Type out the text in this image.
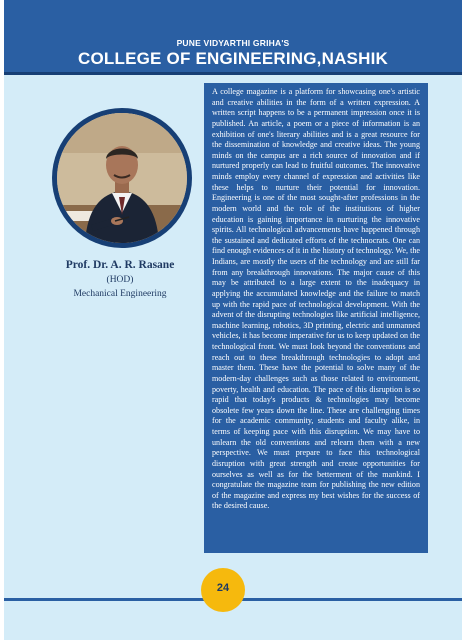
PUNE VIDYARTHI GRIHA'S
COLLEGE OF ENGINEERING,NASHIK
Prof. Dr. A. R. Rasane
(HOD)
Mechanical Engineering

A college magazine is a platform for showcasing one's artistic and creative abilities in the form of a written expression. A written script happens to be a permanent impression once it is published. An article, a poem or a piece of information is an exhibition of one's literary abilities and is a great resource for the dissemination of knowledge and creative ideas. The young minds on the campus are a rich source of innovation and if nurtured properly can lead to fruitful outcomes. The innovative minds employ every channel of expression and activities like these helps to nurture their potential for innovation. Engineering is one of the most sought-after professions in the modern world and the role of the institutions of higher education is gaining importance in nurturing the innovative spirits. All technological advancements have happened through the sustained and dedicated efforts of the technocrats. One can find enough evidences of it in the history of technology. We, the Indians, are mostly the users of the technology and are still far from any breakthrough innovations. The major cause of this may be attributed to a large extent to the inadequacy in applying the accumulated knowledge and the failure to match up with the rapid pace of technological development. With the advent of the disrupting technologies like artificial intelligence, machine learning, robotics, 3D printing, electric and unmanned vehicles, it has become imperative for us to keep updated on the technological front. We must look beyond the conventions and reach out to these breakthrough technologies to adopt and master them. These have the potential to solve many of the modern-day challenges such as those related to environment, poverty, health and education. The pace of this disruption is so rapid that today's products & technologies may become obsolete few years down the line. These are challenging times for the academic community, students and faculty alike, in terms of keeping pace with this disruption. We may have to unlearn the old conventions and relearn them with a new perspective. We must prepare to face this technological disruption with great strength and create opportunities for ourselves as well as for the betterment of the mankind. I congratulate the magazine team for publishing the new edition of the magazine and express my best wishes for the success of the desired cause.

24
